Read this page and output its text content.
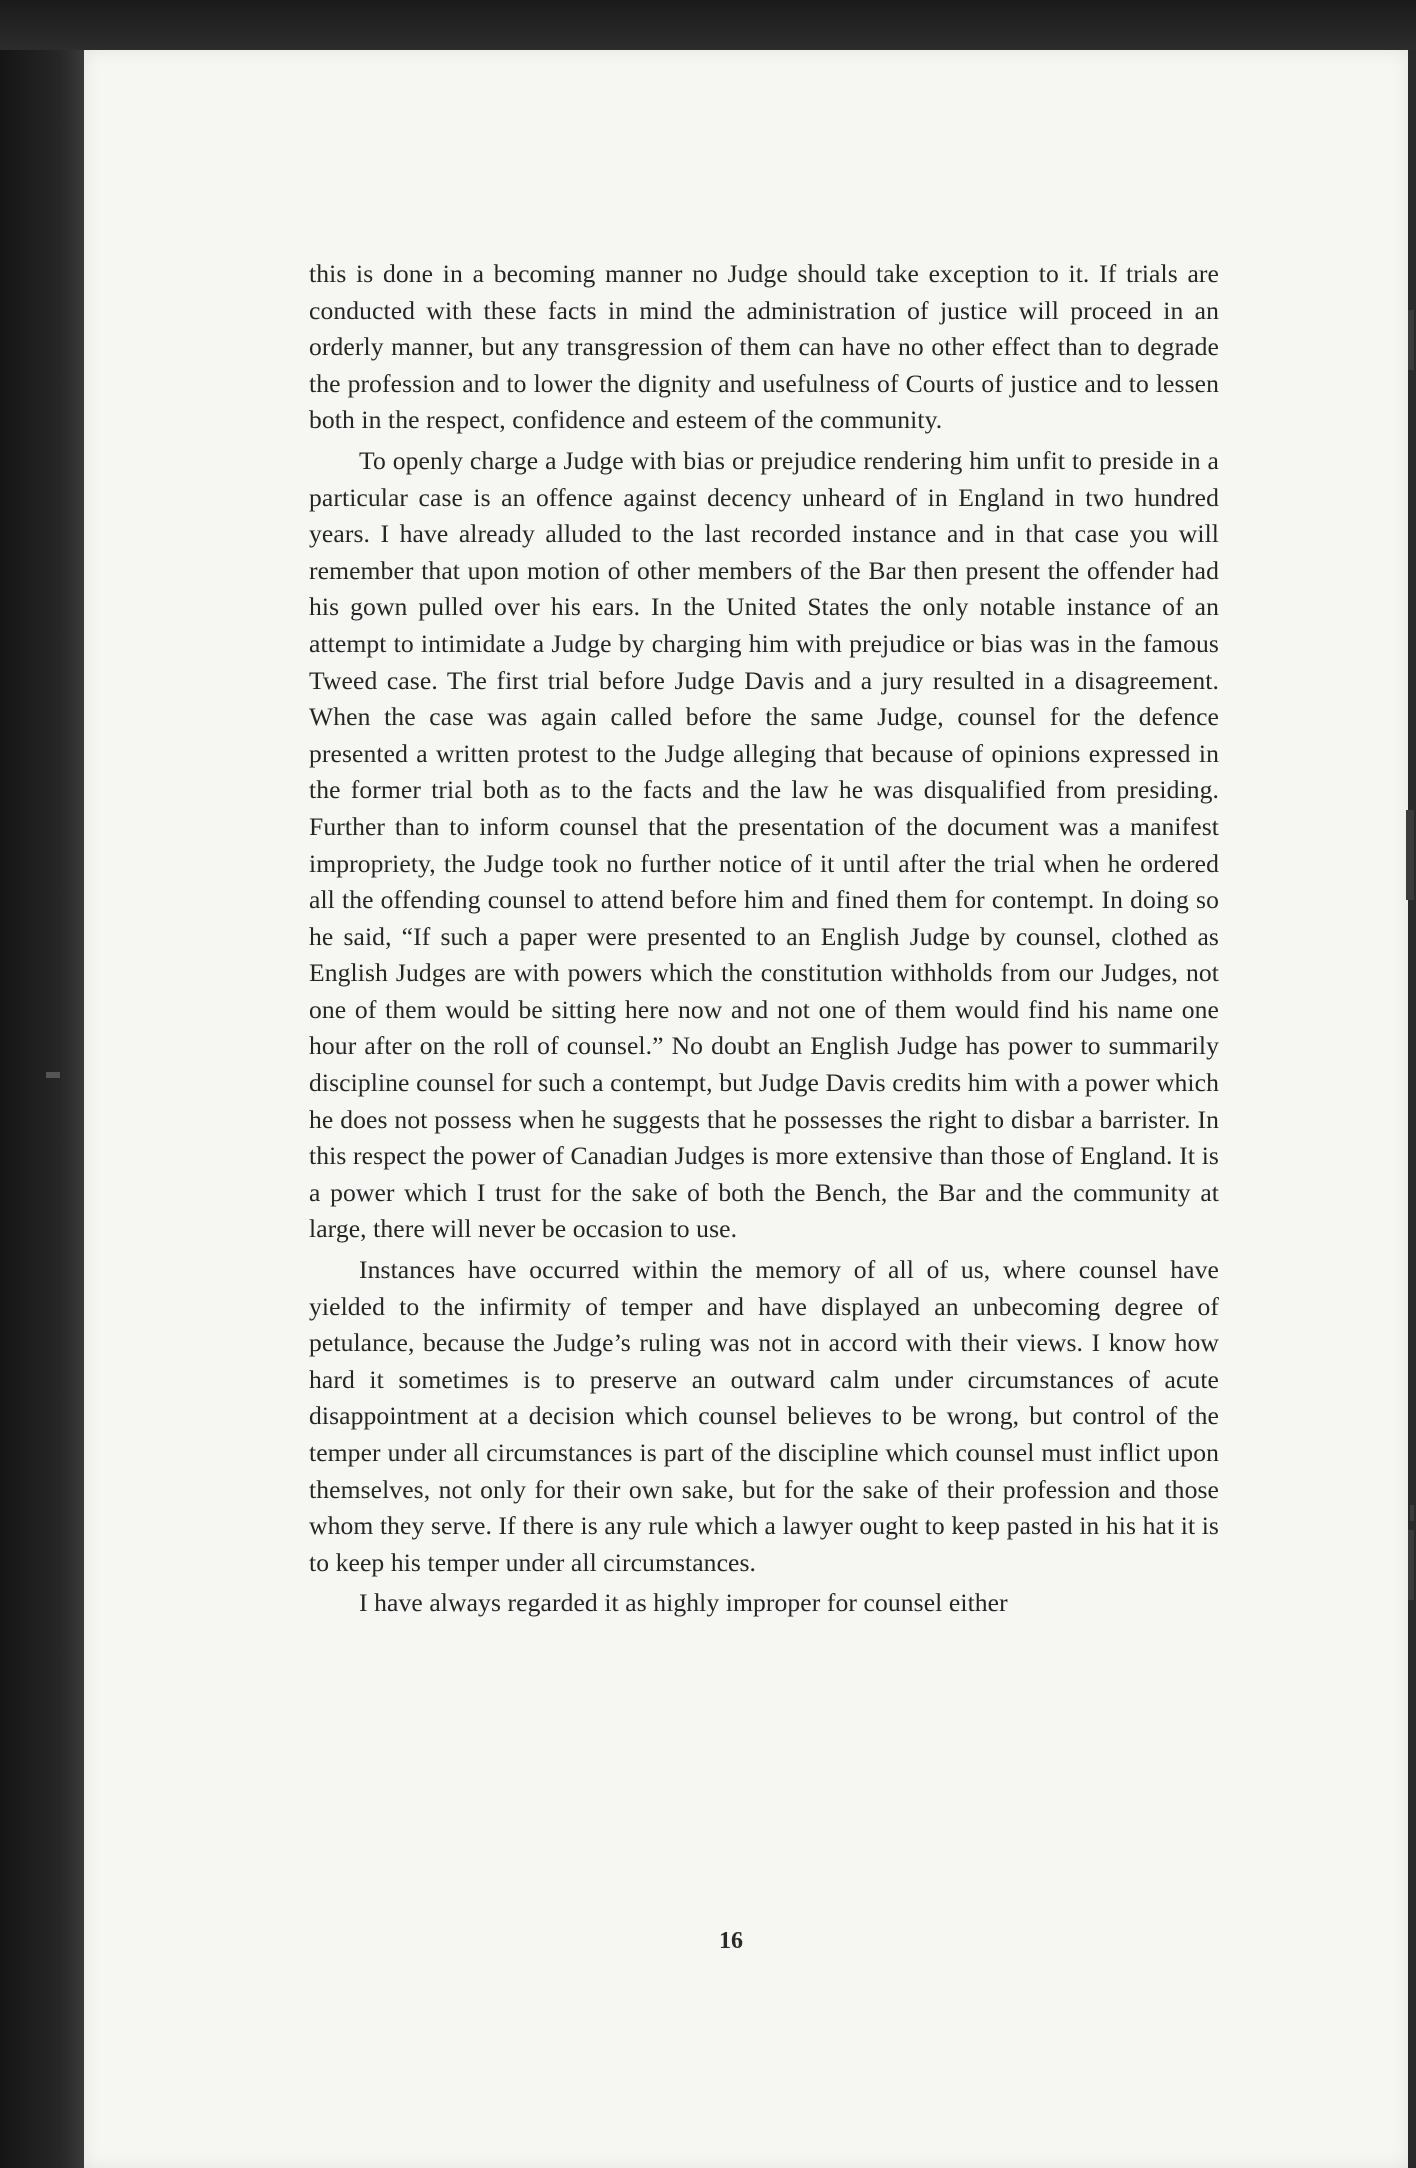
this is done in a becoming manner no Judge should take exception to it. If trials are conducted with these facts in mind the administration of justice will proceed in an orderly manner, but any transgression of them can have no other effect than to degrade the profession and to lower the dignity and usefulness of Courts of justice and to lessen both in the respect, confidence and esteem of the community.

To openly charge a Judge with bias or prejudice rendering him unfit to preside in a particular case is an offence against decency unheard of in England in two hundred years. I have already alluded to the last recorded instance and in that case you will remember that upon motion of other members of the Bar then present the offender had his gown pulled over his ears. In the United States the only notable instance of an attempt to intimidate a Judge by charging him with prejudice or bias was in the famous Tweed case. The first trial before Judge Davis and a jury resulted in a disagreement. When the case was again called before the same Judge, counsel for the defence presented a written protest to the Judge alleging that because of opinions expressed in the former trial both as to the facts and the law he was disqualified from presiding. Further than to inform counsel that the presentation of the document was a manifest impropriety, the Judge took no further notice of it until after the trial when he ordered all the offending counsel to attend before him and fined them for contempt. In doing so he said, “If such a paper were presented to an English Judge by counsel, clothed as English Judges are with powers which the constitution withholds from our Judges, not one of them would be sitting here now and not one of them would find his name one hour after on the roll of counsel.” No doubt an English Judge has power to summarily discipline counsel for such a contempt, but Judge Davis credits him with a power which he does not possess when he suggests that he possesses the right to disbar a barrister. In this respect the power of Canadian Judges is more extensive than those of England. It is a power which I trust for the sake of both the Bench, the Bar and the community at large, there will never be occasion to use.

Instances have occurred within the memory of all of us, where counsel have yielded to the infirmity of temper and have displayed an unbecoming degree of petulance, because the Judge’s ruling was not in accord with their views. I know how hard it sometimes is to preserve an outward calm under circumstances of acute disappointment at a decision which counsel believes to be wrong, but control of the temper under all circumstances is part of the discipline which counsel must inflict upon themselves, not only for their own sake, but for the sake of their profession and those whom they serve. If there is any rule which a lawyer ought to keep pasted in his hat it is to keep his temper under all circumstances.

I have always regarded it as highly improper for counsel either

16
